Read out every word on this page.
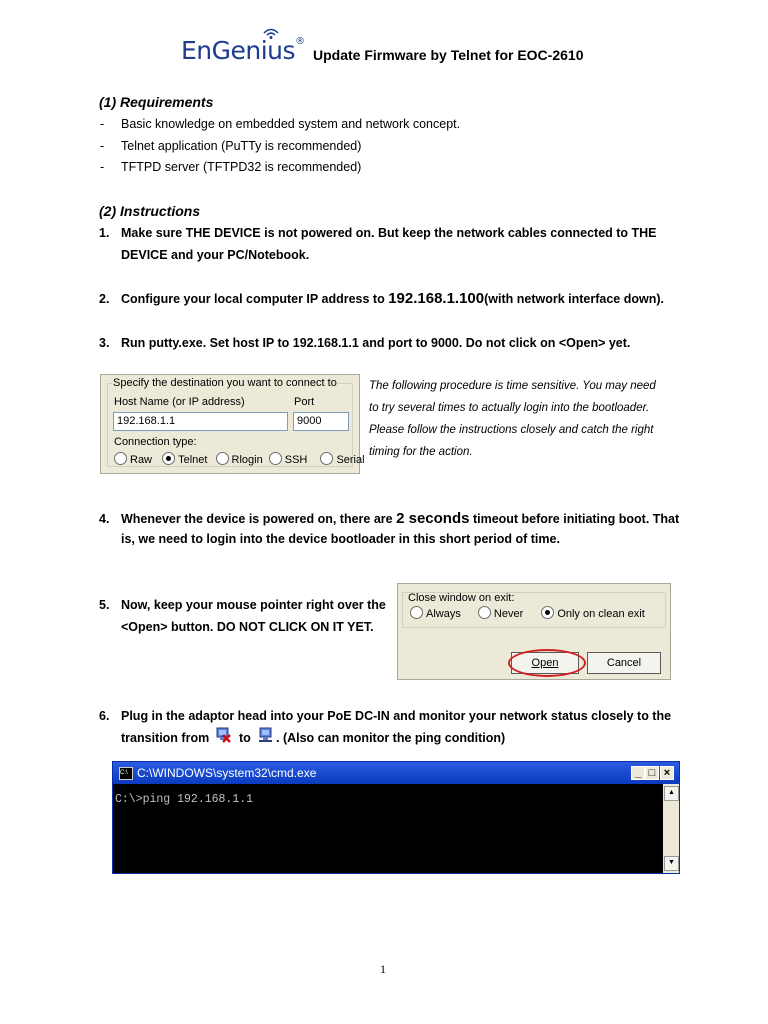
EnGenius®
Update Firmware by Telnet for EOC-2610
(1) Requirements
- Basic knowledge on embedded system and network concept.
- Telnet application (PuTTy is recommended)
- TFTPD server (TFTPD32 is recommended)
(2) Instructions
1. Make sure THE DEVICE is not powered on. But keep the network cables connected to THE
DEVICE and your PC/Notebook.
2. Configure your local computer IP address to 192.168.1.100(with network interface down).
3. Run putty.exe. Set host IP to 192.168.1.1 and port to 9000. Do not click on <Open> yet.
Specify the destination you want to connect to
Host Name (or IP address)	Port
192.168.1.1	9000
Connection type:
Raw Telnet Rlogin SSH	Serial
The following procedure is time sensitive. You may need
to try several times to actually login into the bootloader.
Please follow the instructions closely and catch the right
timing for the action.
4. Whenever the device is powered on, there are 2 seconds timeout before initiating boot. That
is, we need to login into the device bootloader in this short period of time.
5. Now, keep your mouse pointer right over the
<Open> button. DO NOT CLICK ON IT YET.
Close window on exit:
Always	Never	Only on clean exit
Open	Cancel
6. Plug in the adaptor head into your PoE DC-IN and monitor your network status closely to the
transition from to . (Also can monitor the ping condition)
C:\ C:\WINDOWS\system32\cmd.exe	_ □ ×
C:\>ping 192.168.1.1
▲
▼
1
